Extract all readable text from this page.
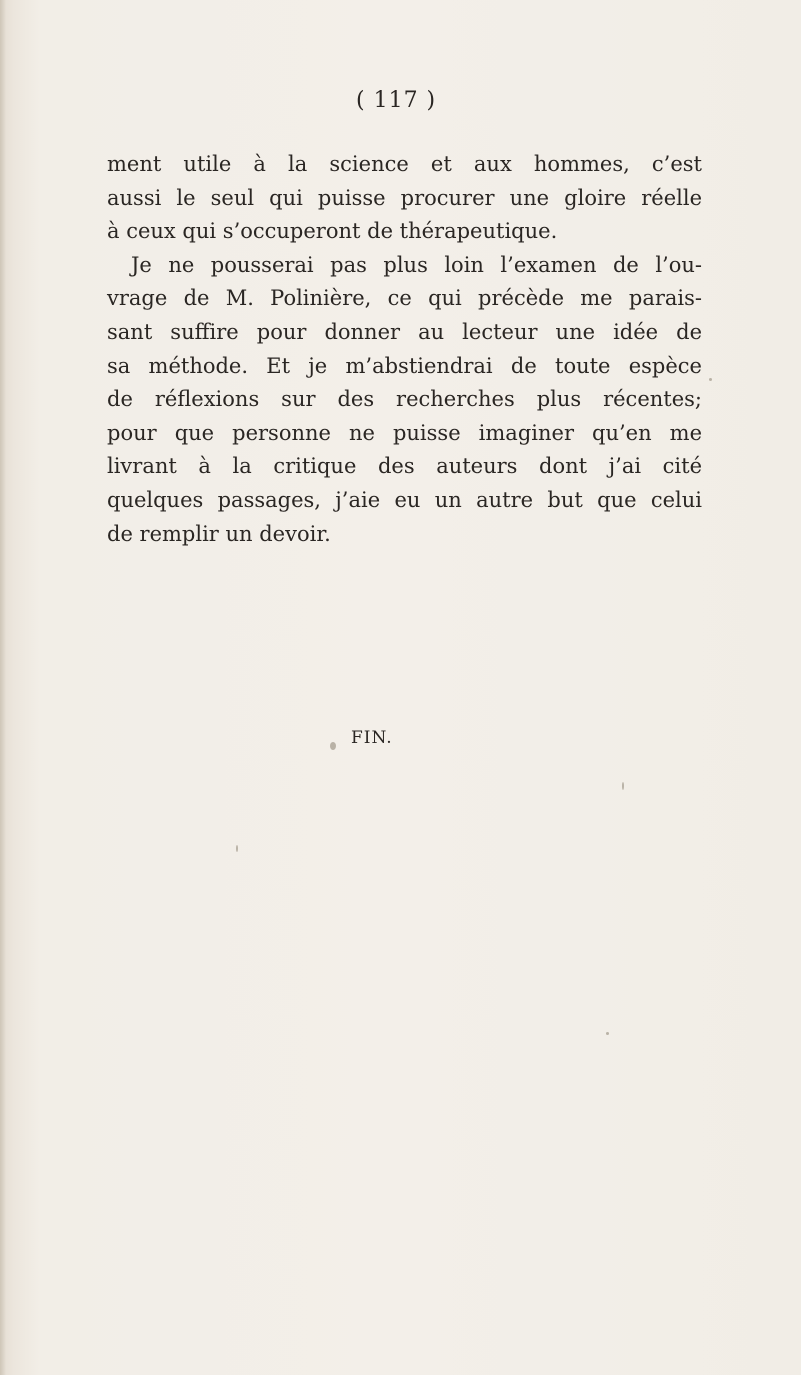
( 117 )
ment utile à la science et aux hommes, c’est
aussi le seul qui puisse procurer une gloire réelle
à ceux qui s’occuperont de thérapeutique.
Je ne pousserai pas plus loin l’examen de l’ou-
vrage de M. Polinière, ce qui précède me parais-
sant suffire pour donner au lecteur une idée de
sa méthode. Et je m’abstiendrai de toute espèce
de réflexions sur des recherches plus récentes;
pour que personne ne puisse imaginer qu’en me
livrant à la critique des auteurs dont j’ai cité
quelques passages, j’aie eu un autre but que celui
de remplir un devoir.
FIN.
